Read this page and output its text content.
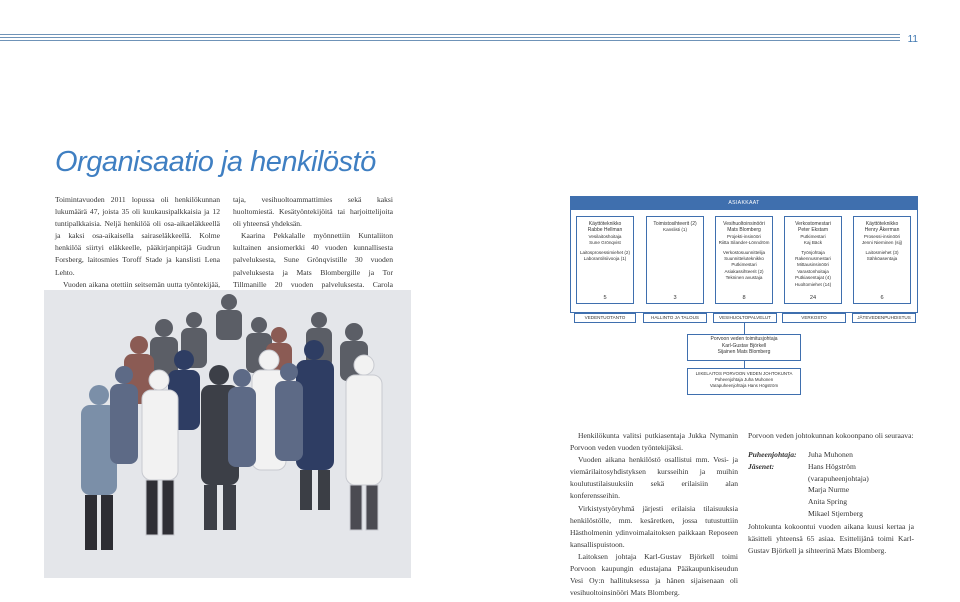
11
Organisaatio ja henkilöstö

Toimintavuoden 2011 lopussa oli henkilökunnan lukumäärä 47, joista 35 oli kuukausipalkkaisia ja 12 tuntipalkkaisia. Neljä henkilöä oli osa-aikaeläkkeellä ja kaksi osa-aikaisella sairaseläkkeellä. Kolme henkilöä siirtyi eläkkeelle, pääkirjanpitäjä Gudrun Forsberg, laitosmies Toroff Stade ja kanslisti Lena Lehto.

Vuoden aikana otettiin seitsemän uutta työntekijää,

taja, vesihuoltoammattimies sekä kaksi huoltomiestä. Kesätyöntekijöitä tai harjoittelijoita oli yhteensä yhdeksän.

Kaarina Pekkalalle myönnettiin Kuntaliiton kultainen ansiomerkki 40 vuoden kunnallisesta palveluksesta, Sune Grönqvistille 30 vuoden palveluksesta ja Mats Blombergille ja Tor Tillmanille 20 vuoden palveluksesta. Carola

ASIAKKAAT
Käyttöteknikko
Rabbe Hellman
Vesilaitoshoitaja
Sune Grönqvist
Laitosprosessimiehet (2)
Laboranti/siivooja (1)
5
Toimistosihteerit (2)
Kanslisti (1)
3
Vesihuoltoinsinööri
Mats Blomberg
Projekti-insinööri
Riitta Silander-Lönndröm
Verkostosuunnittelija
Suunnitteluteknikko
Putkimestari
Asiakassihteerit (2)
Tekninen avustaja
8
Verkostomestari
Peter Ekstam
Putkimestari
Kaj Bäck
Työnjohtaja
Rakennusmestari
Mittausinsinööri
Varastonhoitaja
Putkiasentajat (4)
Huoltomiehet (14)
24
Käyttöteknikko
Henry Åkerman
Prosessi-insinööri
Jenni Nieminen (sij)
Laitosmiehet (3)
Sähköasentaja
6
VEDENTUOTANTO	HALLINTO JA TALOUS	VESIHUOLTOPALVELUT	VERKOSTO	JÄTEVEDENPUHDISTUS
Porvoon veden toimitusjohtaja
Karl-Gustav Björkell
Sijainen Mats Blomberg
LIIKELAITOS PORVOON VEDEN JOHTOKUNTA
Puheenjohtaja Juha Muhonen
Varapuheenjohtaja Hans Högström

Henkilökunta valitsi putkiasentaja Jukka Nymanin Porvoon veden vuoden työntekijäksi.

Vuoden aikana henkilöstö osallistui mm. Vesi- ja viemärilaitosyhdistyksen kursseihin ja muihin koulutustilaisuuksiin sekä erilaisiin alan konferensseihin.

Virkistystyöryhmä järjesti erilaisia tilaisuuksia henkilöstölle, mm. kesäretken, jossa tutustuttiin Hästholmenin ydinvoimalaitoksen paikkaan Reposeen kansallispuistoon.

Laitoksen johtaja Karl-Gustav Björkell toimi Porvoon kaupungin edustajana Pääkaupunkiseudun Vesi Oy:n hallituksessa ja hänen sijaisenaan oli vesihuoltoinsinööri Mats Blomberg.

Porvoon veden johtokunnan kokoonpano oli seuraava:

Puheenjohtaja:	Juha Muhonen
Jäsenet:	Hans Högström
(varapuheenjohtaja)
Marja Nurme
Anita Spring
Mikael Stjernberg

Johtokunta kokoontui vuoden aikana kuusi kertaa ja käsitteli yhteensä 65 asiaa. Esittelijänä toimi Karl-Gustav Björkell ja sihteerinä Mats Blomberg.
